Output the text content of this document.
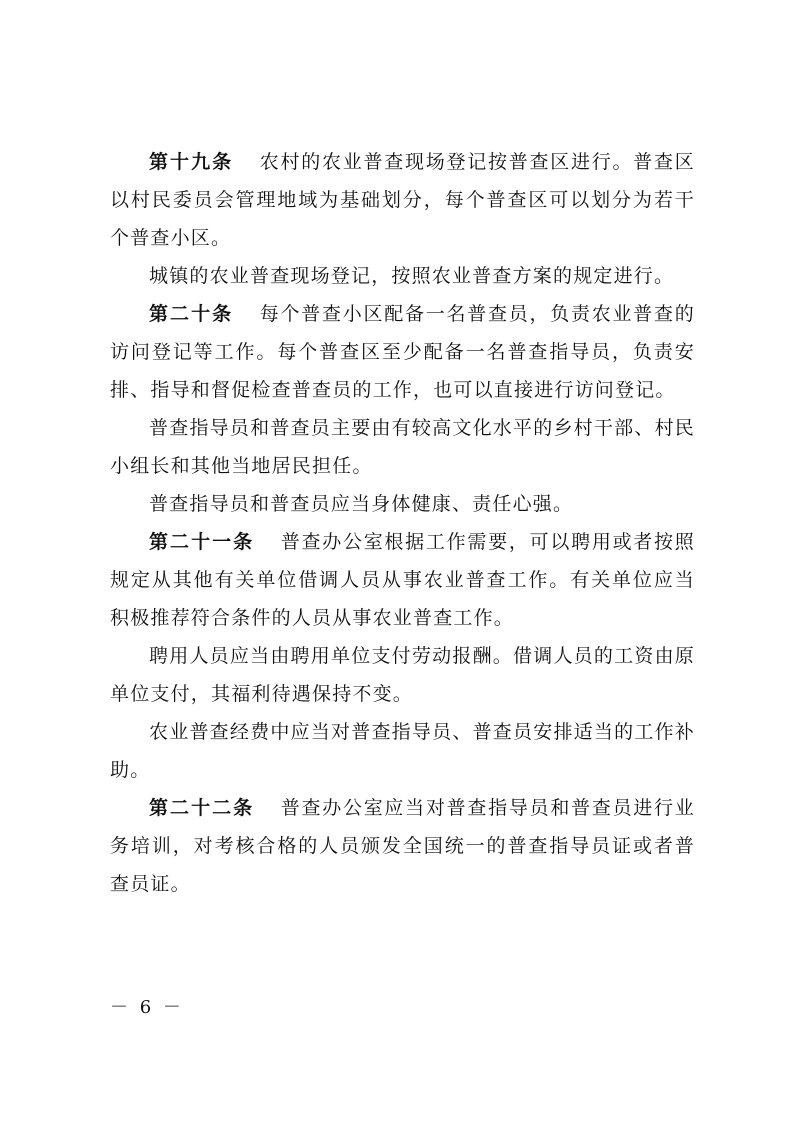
第十九条 农村的农业普查现场登记按普查区进行。普查区以村民委员会管理地域为基础划分，每个普查区可以划分为若干个普查小区。

城镇的农业普查现场登记，按照农业普查方案的规定进行。

第二十条 每个普查小区配备一名普查员，负责农业普查的访问登记等工作。每个普查区至少配备一名普查指导员，负责安排、指导和督促检查普查员的工作，也可以直接进行访问登记。

普查指导员和普查员主要由有较高文化水平的乡村干部、村民小组长和其他当地居民担任。

普查指导员和普查员应当身体健康、责任心强。

第二十一条 普查办公室根据工作需要，可以聘用或者按照规定从其他有关单位借调人员从事农业普查工作。有关单位应当积极推荐符合条件的人员从事农业普查工作。

聘用人员应当由聘用单位支付劳动报酬。借调人员的工资由原单位支付，其福利待遇保持不变。

农业普查经费中应当对普查指导员、普查员安排适当的工作补助。

第二十二条 普查办公室应当对普查指导员和普查员进行业务培训，对考核合格的人员颁发全国统一的普查指导员证或者普查员证。

－ 6 －
